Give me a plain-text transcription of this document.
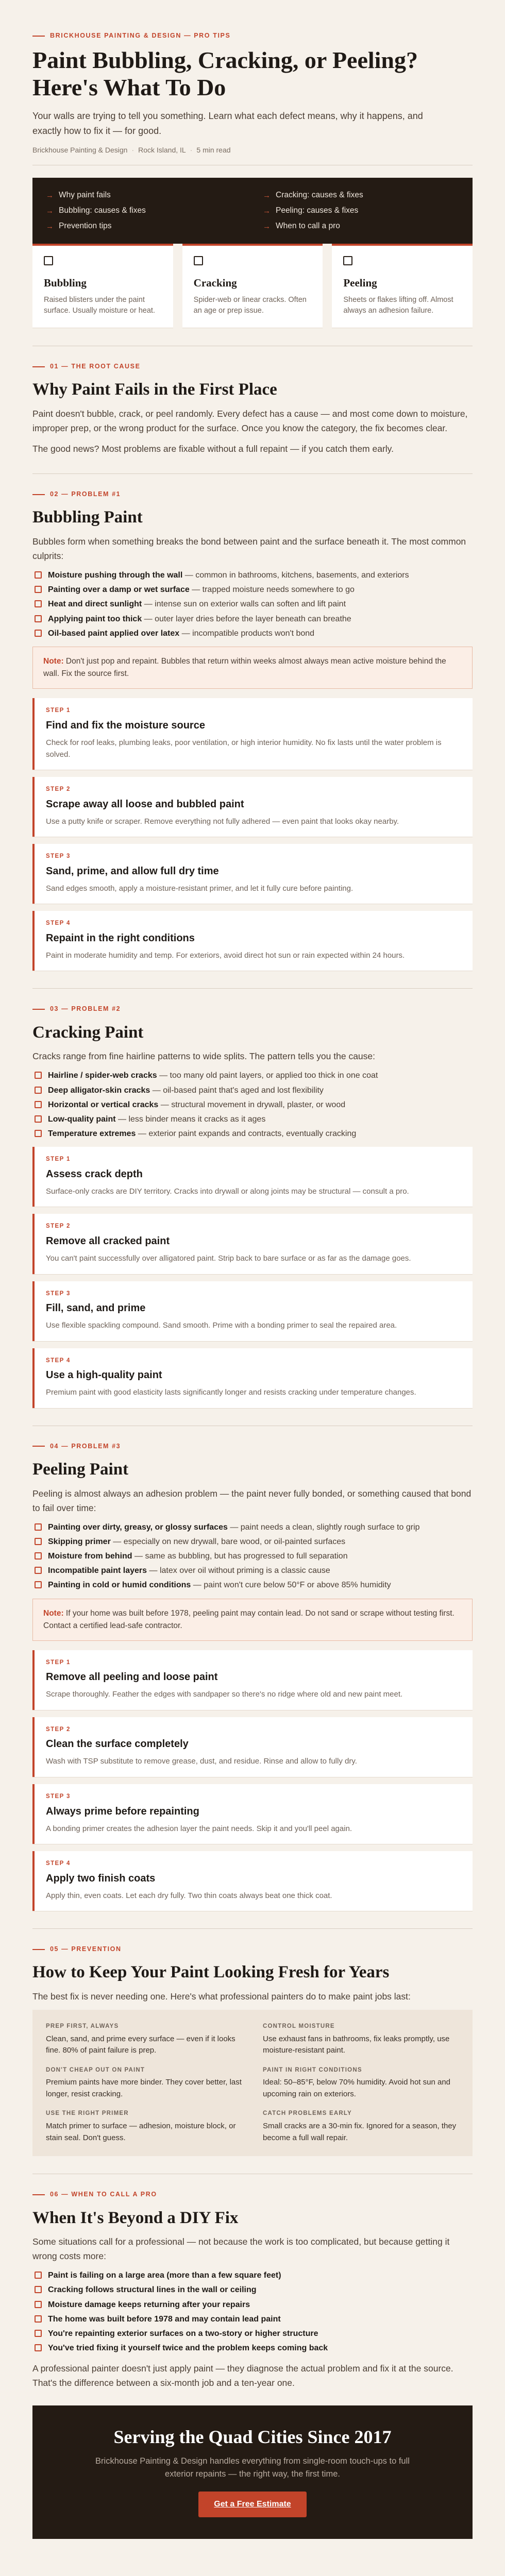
BRICKHOUSE PAINTING & DESIGN — PRO TIPS
Paint Bubbling, Cracking, or Peeling?
Here's What To Do

Your walls are trying to tell you something. Learn what each defect means, why it happens, and exactly how to fix it — for good.

Brickhouse Painting & Design · Rock Island, IL · 5 min read
→ Why paint fails	→ Cracking: causes & fixes
→ Bubbling: causes & fixes	→ Peeling: causes & fixes
→ Prevention tips	→ When to call a pro
Bubbling

Raised blisters under the paint surface. Usually moisture or heat.

Cracking

Spider-web or linear cracks. Often an age or prep issue.

Peeling

Sheets or flakes lifting off. Almost always an adhesion failure.

01 — THE ROOT CAUSE
Why Paint Fails in the First Place

Paint doesn't bubble, crack, or peel randomly. Every defect has a cause — and most come down to moisture, improper prep, or the wrong product for the surface. Once you know the category, the fix becomes clear.

The good news? Most problems are fixable without a full repaint — if you catch them early.

02 — PROBLEM #1
Bubbling Paint

Bubbles form when something breaks the bond between paint and the surface beneath it. The most common culprits:

Moisture pushing through the wall — common in bathrooms, kitchens, basements, and exteriors
Painting over a damp or wet surface — trapped moisture needs somewhere to go
Heat and direct sunlight — intense sun on exterior walls can soften and lift paint
Applying paint too thick — outer layer dries before the layer beneath can breathe
Oil-based paint applied over latex — incompatible products won't bond
Note: Don't just pop and repaint. Bubbles that return within weeks almost always mean active moisture behind the wall. Fix the source first.
STEP 1
Find and fix the moisture source

Check for roof leaks, plumbing leaks, poor ventilation, or high interior humidity. No fix lasts until the water problem is solved.

STEP 2
Scrape away all loose and bubbled paint

Use a putty knife or scraper. Remove everything not fully adhered — even paint that looks okay nearby.

STEP 3
Sand, prime, and allow full dry time

Sand edges smooth, apply a moisture-resistant primer, and let it fully cure before painting.

STEP 4
Repaint in the right conditions

Paint in moderate humidity and temp. For exteriors, avoid direct hot sun or rain expected within 24 hours.

03 — PROBLEM #2
Cracking Paint

Cracks range from fine hairline patterns to wide splits. The pattern tells you the cause:

Hairline / spider-web cracks — too many old paint layers, or applied too thick in one coat
Deep alligator-skin cracks — oil-based paint that's aged and lost flexibility
Horizontal or vertical cracks — structural movement in drywall, plaster, or wood
Low-quality paint — less binder means it cracks as it ages
Temperature extremes — exterior paint expands and contracts, eventually cracking
STEP 1
Assess crack depth

Surface-only cracks are DIY territory. Cracks into drywall or along joints may be structural — consult a pro.

STEP 2
Remove all cracked paint

You can't paint successfully over alligatored paint. Strip back to bare surface or as far as the damage goes.

STEP 3
Fill, sand, and prime

Use flexible spackling compound. Sand smooth. Prime with a bonding primer to seal the repaired area.

STEP 4
Use a high-quality paint

Premium paint with good elasticity lasts significantly longer and resists cracking under temperature changes.

04 — PROBLEM #3
Peeling Paint

Peeling is almost always an adhesion problem — the paint never fully bonded, or something caused that bond to fail over time:

Painting over dirty, greasy, or glossy surfaces — paint needs a clean, slightly rough surface to grip
Skipping primer — especially on new drywall, bare wood, or oil-painted surfaces
Moisture from behind — same as bubbling, but has progressed to full separation
Incompatible paint layers — latex over oil without priming is a classic cause
Painting in cold or humid conditions — paint won't cure below 50°F or above 85% humidity
Note: If your home was built before 1978, peeling paint may contain lead. Do not sand or scrape without testing first. Contact a certified lead-safe contractor.
STEP 1
Remove all peeling and loose paint

Scrape thoroughly. Feather the edges with sandpaper so there's no ridge where old and new paint meet.

STEP 2
Clean the surface completely

Wash with TSP substitute to remove grease, dust, and residue. Rinse and allow to fully dry.

STEP 3
Always prime before repainting

A bonding primer creates the adhesion layer the paint needs. Skip it and you'll peel again.

STEP 4
Apply two finish coats

Apply thin, even coats. Let each dry fully. Two thin coats always beat one thick coat.

05 — PREVENTION
How to Keep Your Paint Looking Fresh for Years

The best fix is never needing one. Here's what professional painters do to make paint jobs last:

PREP FIRST, ALWAYS

Clean, sand, and prime every surface — even if it looks fine. 80% of paint failure is prep.

CONTROL MOISTURE

Use exhaust fans in bathrooms, fix leaks promptly, use moisture-resistant paint.

DON'T CHEAP OUT ON PAINT

Premium paints have more binder. They cover better, last longer, resist cracking.

PAINT IN RIGHT CONDITIONS

Ideal: 50–85°F, below 70% humidity. Avoid hot sun and upcoming rain on exteriors.

USE THE RIGHT PRIMER

Match primer to surface — adhesion, moisture block, or stain seal. Don't guess.

CATCH PROBLEMS EARLY

Small cracks are a 30-min fix. Ignored for a season, they become a full wall repair.

06 — WHEN TO CALL A PRO
When It's Beyond a DIY Fix

Some situations call for a professional — not because the work is too complicated, but because getting it wrong costs more:

Paint is failing on a large area (more than a few square feet)
Cracking follows structural lines in the wall or ceiling
Moisture damage keeps returning after your repairs
The home was built before 1978 and may contain lead paint
You're repainting exterior surfaces on a two-story or higher structure
You've tried fixing it yourself twice and the problem keeps coming back

A professional painter doesn't just apply paint — they diagnose the actual problem and fix it at the source. That's the difference between a six-month job and a ten-year one.

Serving the Quad Cities Since 2017

Brickhouse Painting & Design handles everything from single-room touch-ups to full exterior repaints — the right way, the first time.

Get a Free Estimate
